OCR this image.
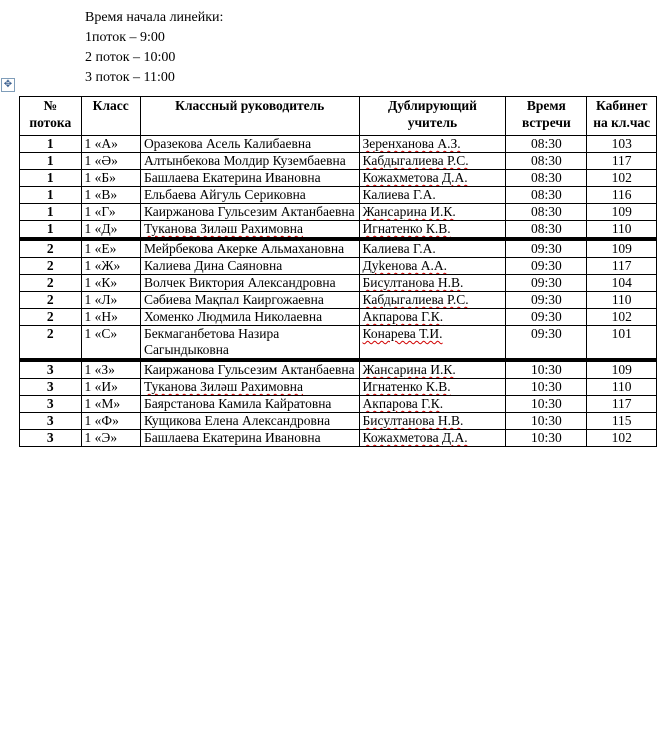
Время начала линейки:
1поток – 9:00
2 поток – 10:00
3 поток – 11:00
✥
№ потока	Класс	Классный руководитель	Дублирующий учитель	Время встречи	Кабинет на кл.час
1	1 «А»	Оразекова Асель Калибаевна	Зеренханова А.З.	08:30	103
1	1 «Ә»	Алтынбекова Молдир Кузембаевна	Кабдыгалиева Р.С.	08:30	117
1	1 «Б»	Башлаева Екатерина Ивановна	Кожахметова Д.А.	08:30	102
1	1 «В»	Ельбаева Айгуль Сериковна	Калиева Г.А.	08:30	116
1	1 «Г»	Каиржанова Гульсезим Актанбаевна	Жансарина И.К.	08:30	109
1	1 «Д»	Туканова Зиләш Рахимовна	Игнатенко К.В.	08:30	110
2	1 «Е»	Мейрбекова Акерке Альмахановна	Калиева Г.А.	09:30	109
2	1 «Ж»	Калиева Дина Саяновна	Дуkенова А.А.	09:30	117
2	1 «К»	Волчек Виктория Александровна	Бисултанова Н.В.	09:30	104
2	1 «Л»	Сәбиева Мақпал Каиргожаевна	Кабдыгалиева Р.С.	09:30	110
2	1 «Н»	Хоменко Людмила Николаевна	Акпарова Г.К.	09:30	102
2	1 «С»	Бекмаганбетова Назира Сагындыковна	Конарева Т.И.	09:30	101
3	1 «З»	Каиржанова Гульсезим Актанбаевна	Жансарина И.К.	10:30	109
3	1 «И»	Туканова Зиләш Рахимовна	Игнатенко К.В.	10:30	110
3	1 «М»	Баярстанова Камила Кайратовна	Акпарова Г.К.	10:30	117
3	1 «Ф»	Кущикова Елена Александровна	Бисултанова Н.В.	10:30	115
3	1 «Э»	Башлаева Екатерина Ивановна	Кожахметова Д.А.	10:30	102
